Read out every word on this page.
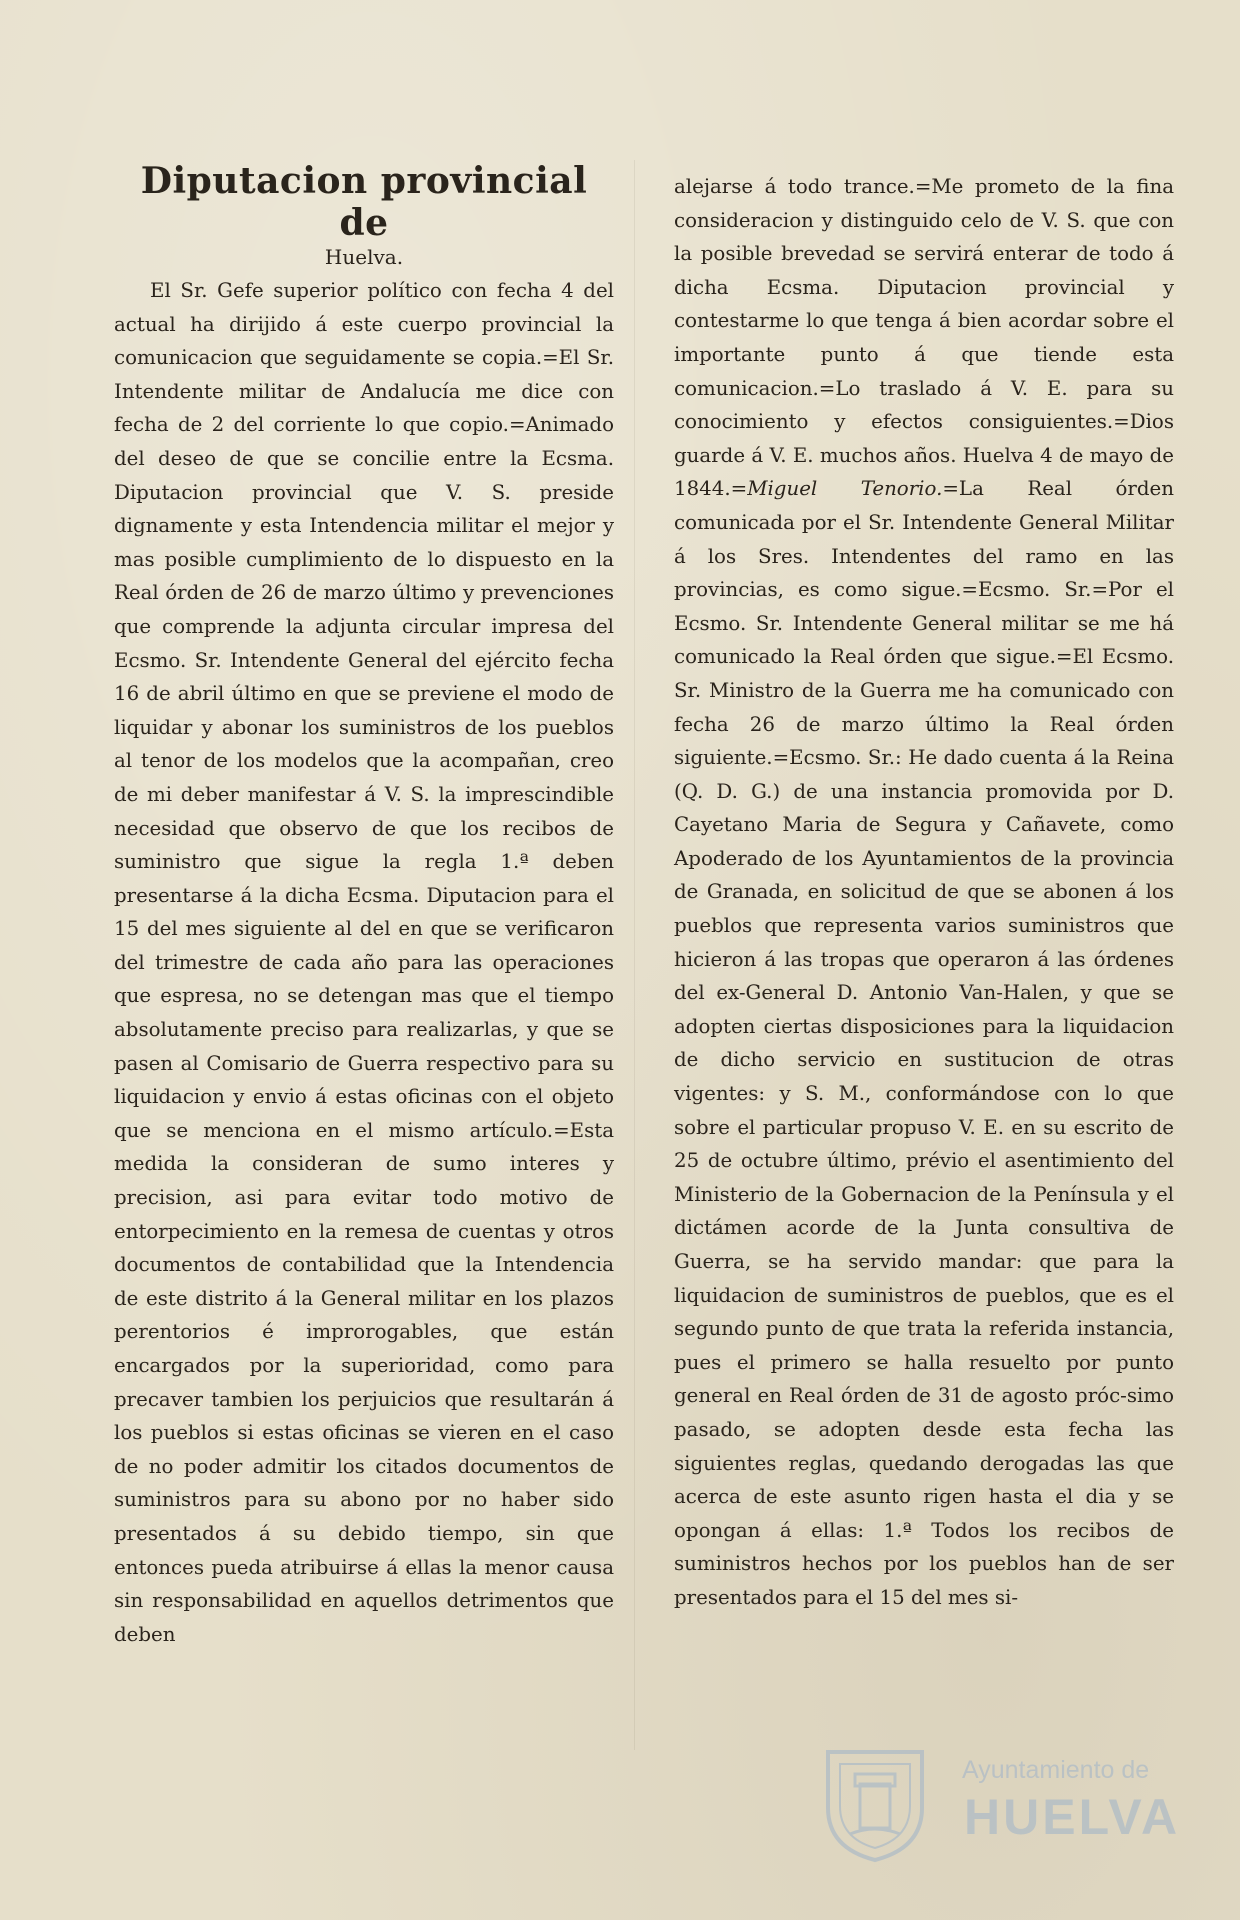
Diputacion provincial de
Huelva.

El Sr. Gefe superior político con fecha 4 del actual ha dirijido á este cuerpo provincial la comunicacion que seguidamente se copia.=El Sr. Intendente militar de Andalucía me dice con fecha de 2 del corriente lo que copio.=Animado del deseo de que se concilie entre la Ecsma. Diputacion provincial que V. S. preside dignamente y esta Intendencia militar el mejor y mas posible cumplimiento de lo dispuesto en la Real órden de 26 de marzo último y prevenciones que comprende la adjunta circular impresa del Ecsmo. Sr. Intendente General del ejército fecha 16 de abril último en que se previene el modo de liquidar y abonar los suministros de los pueblos al tenor de los modelos que la acompañan, creo de mi deber manifestar á V. S. la imprescindible necesidad que observo de que los recibos de suministro que sigue la regla 1.ª deben presentarse á la dicha Ecsma. Diputacion para el 15 del mes siguiente al del en que se verificaron del trimestre de cada año para las operaciones que espresa, no se detengan mas que el tiempo absolutamente preciso para realizarlas, y que se pasen al Comisario de Guerra respectivo para su liquidacion y envio á estas oficinas con el objeto que se menciona en el mismo artículo.=Esta medida la consideran de sumo interes y precision, asi para evitar todo motivo de entorpecimiento en la remesa de cuentas y otros documentos de contabilidad que la Intendencia de este distrito á la General militar en los plazos perentorios é improrogables, que están encargados por la superioridad, como para precaver tambien los perjuicios que resultarán á los pueblos si estas oficinas se vieren en el caso de no poder admitir los citados documentos de suministros para su abono por no haber sido presentados á su debido tiempo, sin que entonces pueda atribuirse á ellas la menor causa sin responsabilidad en aquellos detrimentos que deben

alejarse á todo trance.=Me prometo de la fina consideracion y distinguido celo de V. S. que con la posible brevedad se servirá enterar de todo á dicha Ecsma. Diputacion provincial y contestarme lo que tenga á bien acordar sobre el importante punto á que tiende esta comunicacion.=Lo traslado á V. E. para su conocimiento y efectos consiguientes.=Dios guarde á V. E. muchos años. Huelva 4 de mayo de 1844.=Miguel Tenorio.=La Real órden comunicada por el Sr. Intendente General Militar á los Sres. Intendentes del ramo en las provincias, es como sigue.=Ecsmo. Sr.=Por el Ecsmo. Sr. Intendente General militar se me há comunicado la Real órden que sigue.=El Ecsmo. Sr. Ministro de la Guerra me ha comunicado con fecha 26 de marzo último la Real órden siguiente.=Ecsmo. Sr.: He dado cuenta á la Reina (Q. D. G.) de una instancia promovida por D. Cayetano Maria de Segura y Cañavete, como Apoderado de los Ayuntamientos de la provincia de Granada, en solicitud de que se abonen á los pueblos que representa varios suministros que hicieron á las tropas que operaron á las órdenes del ex-General D. Antonio Van-Halen, y que se adopten ciertas disposiciones para la liquidacion de dicho servicio en sustitucion de otras vigentes: y S. M., conformándose con lo que sobre el particular propuso V. E. en su escrito de 25 de octubre último, prévio el asentimiento del Ministerio de la Gobernacion de la Península y el dictámen acorde de la Junta consultiva de Guerra, se ha servido mandar: que para la liquidacion de suministros de pueblos, que es el segundo punto de que trata la referida instancia, pues el primero se halla resuelto por punto general en Real órden de 31 de agosto próc-simo pasado, se adopten desde esta fecha las siguientes reglas, quedando derogadas las que acerca de este asunto rigen hasta el dia y se opongan á ellas: 1.ª Todos los recibos de suministros hechos por los pueblos han de ser presentados para el 15 del mes si-

Ayuntamiento de
HUELVA
